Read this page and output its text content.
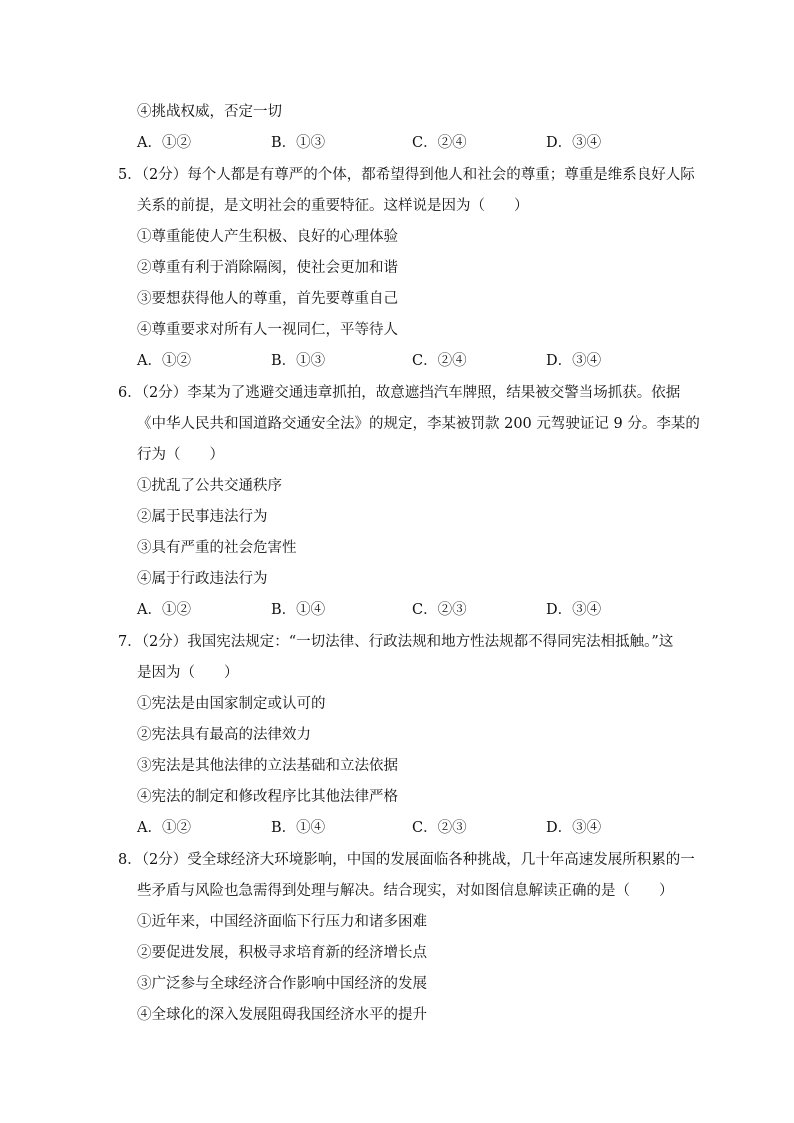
④挑战权威，否定一切
A．①②	B．①③	C．②④	D．③④
5．（2分）每个人都是有尊严的个体，都希望得到他人和社会的尊重；尊重是维系良好人际
关系的前提，是文明社会的重要特征。这样说是因为（　　）
①尊重能使人产生积极、良好的心理体验
②尊重有利于消除隔阂，使社会更加和谐
③要想获得他人的尊重，首先要尊重自己
④尊重要求对所有人一视同仁，平等待人
A．①②	B．①③	C．②④	D．③④
6．（2分）李某为了逃避交通违章抓拍，故意遮挡汽车牌照，结果被交警当场抓获。依据
《中华人民共和国道路交通安全法》的规定，李某被罚款 200 元驾驶证记 9 分。李某的
行为（　　）
①扰乱了公共交通秩序
②属于民事违法行为
③具有严重的社会危害性
④属于行政违法行为
A．①②	B．①④	C．②③	D．③④
7．（2分）我国宪法规定：“一切法律、行政法规和地方性法规都不得同宪法相抵触。”这
是因为（　　）
①宪法是由国家制定或认可的
②宪法具有最高的法律效力
③宪法是其他法律的立法基础和立法依据
④宪法的制定和修改程序比其他法律严格
A．①②	B．①④	C．②③	D．③④
8．（2分）受全球经济大环境影响，中国的发展面临各种挑战，几十年高速发展所积累的一
些矛盾与风险也急需得到处理与解决。结合现实，对如图信息解读正确的是（　　）
①近年来，中国经济面临下行压力和诸多困难
②要促进发展，积极寻求培育新的经济增长点
③广泛参与全球经济合作影响中国经济的发展
④全球化的深入发展阻碍我国经济水平的提升
